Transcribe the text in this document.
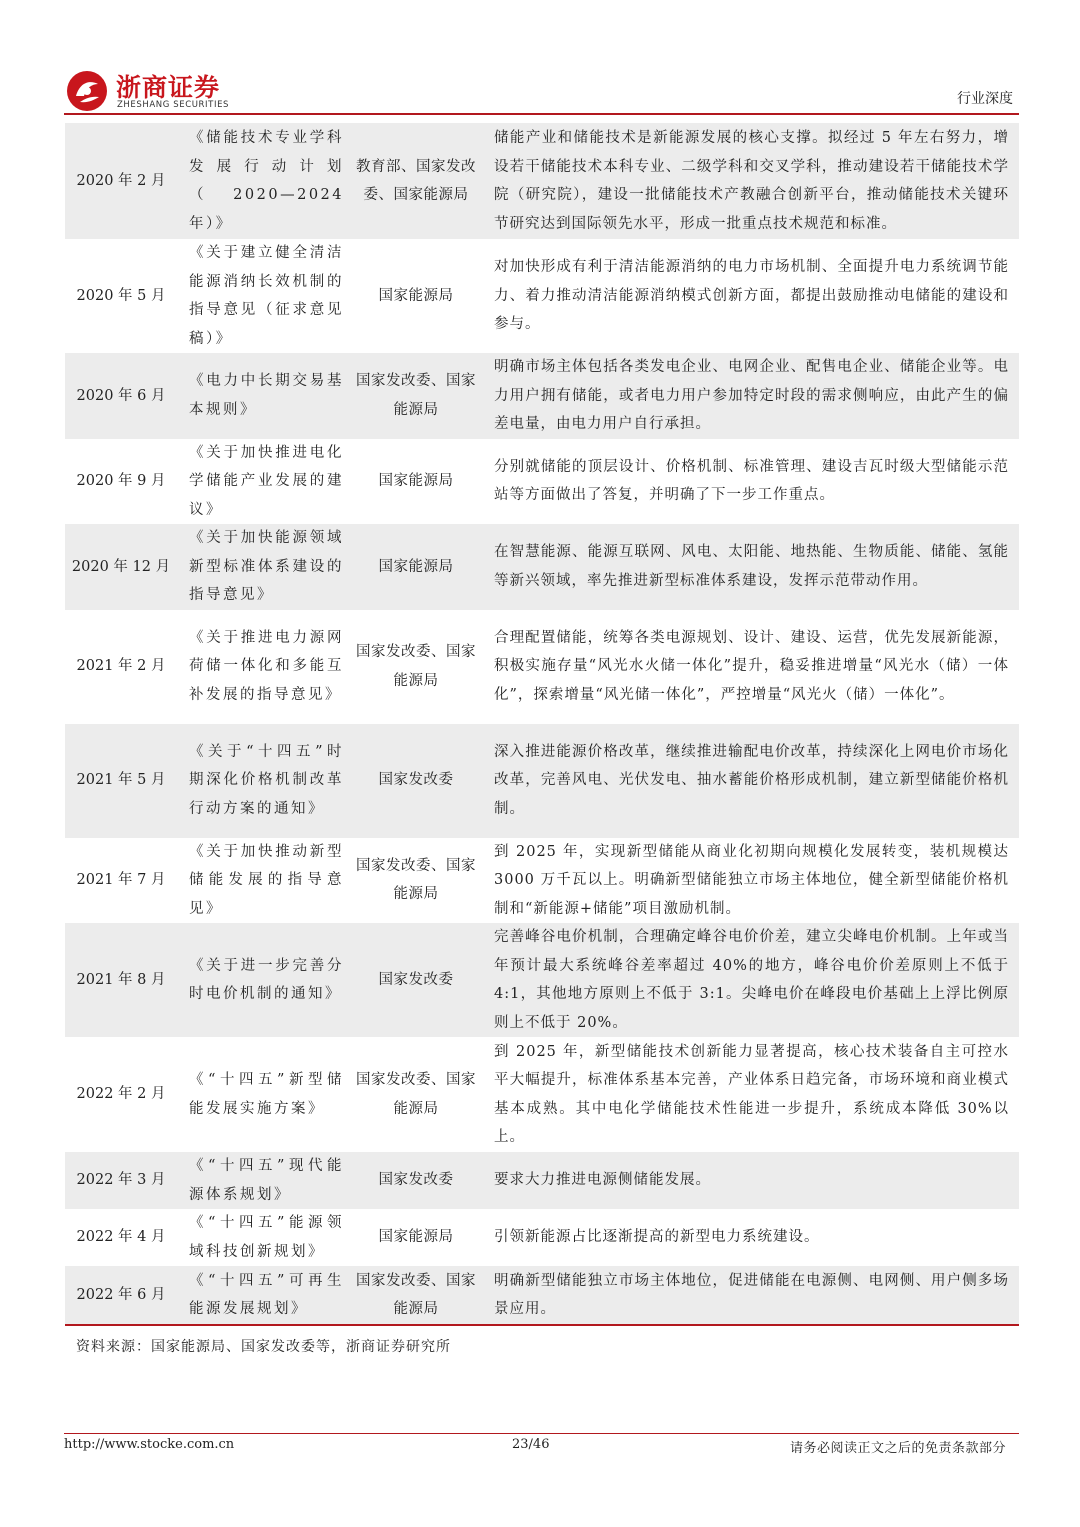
浙商证券
ZHESHANG SECURITIES	行业深度
2020 年 2 月	《储能技术专业学科发展行动计划（2020—2024 年）》	教育部、国家发改委、国家能源局	储能产业和储能技术是新能源发展的核心支撑。拟经过 5 年左右努力，增设若干储能技术本科专业、二级学科和交叉学科，推动建设若干储能技术学院（研究院），建设一批储能技术产教融合创新平台，推动储能技术关键环节研究达到国际领先水平，形成一批重点技术规范和标准。
2020 年 5 月	《关于建立健全清洁能源消纳长效机制的指导意见（征求意见稿）》	国家能源局	对加快形成有利于清洁能源消纳的电力市场机制、全面提升电力系统调节能力、着力推动清洁能源消纳模式创新方面，都提出鼓励推动电储能的建设和参与。
2020 年 6 月	《电力中长期交易基本规则》	国家发改委、国家能源局	明确市场主体包括各类发电企业、电网企业、配售电企业、储能企业等。电力用户拥有储能，或者电力用户参加特定时段的需求侧响应，由此产生的偏差电量，由电力用户自行承担。
2020 年 9 月	《关于加快推进电化学储能产业发展的建议》	国家能源局	分别就储能的顶层设计、价格机制、标准管理、建设吉瓦时级大型储能示范站等方面做出了答复，并明确了下一步工作重点。
2020 年 12 月	《关于加快能源领域新型标准体系建设的指导意见》	国家能源局	在智慧能源、能源互联网、风电、太阳能、地热能、生物质能、储能、氢能等新兴领域，率先推进新型标准体系建设，发挥示范带动作用。
2021 年 2 月	《关于推进电力源网荷储一体化和多能互补发展的指导意见》	国家发改委、国家能源局	合理配置储能，统筹各类电源规划、设计、建设、运营，优先发展新能源，积极实施存量“风光水火储一体化”提升，稳妥推进增量“风光水（储）一体化”，探索增量“风光储一体化”，严控增量“风光火（储）一体化”。
2021 年 5 月	《关于“十四五”时期深化价格机制改革行动方案的通知》	国家发改委	深入推进能源价格改革，继续推进输配电价改革，持续深化上网电价市场化改革，完善风电、光伏发电、抽水蓄能价格形成机制，建立新型储能价格机制。
2021 年 7 月	《关于加快推动新型储能发展的指导意见》	国家发改委、国家能源局	到 2025 年，实现新型储能从商业化初期向规模化发展转变，装机规模达 3000 万千瓦以上。明确新型储能独立市场主体地位，健全新型储能价格机制和“新能源+储能”项目激励机制。
2021 年 8 月	《关于进一步完善分时电价机制的通知》	国家发改委	完善峰谷电价机制，合理确定峰谷电价价差，建立尖峰电价机制。上年或当年预计最大系统峰谷差率超过 40%的地方，峰谷电价价差原则上不低于 4:1，其他地方原则上不低于 3:1。尖峰电价在峰段电价基础上上浮比例原则上不低于 20%。
2022 年 2 月	《“十四五”新型储能发展实施方案》	国家发改委、国家能源局	到 2025 年，新型储能技术创新能力显著提高，核心技术装备自主可控水平大幅提升，标准体系基本完善，产业体系日趋完备，市场环境和商业模式基本成熟。其中电化学储能技术性能进一步提升，系统成本降低 30%以上。
2022 年 3 月	《“十四五”现代能源体系规划》	国家发改委	要求大力推进电源侧储能发展。
2022 年 4 月	《“十四五”能源领域科技创新规划》	国家能源局	引领新能源占比逐渐提高的新型电力系统建设。
2022 年 6 月	《“十四五”可再生能源发展规划》	国家发改委、国家能源局	明确新型储能独立市场主体地位，促进储能在电源侧、电网侧、用户侧多场景应用。
资料来源：国家能源局、国家发改委等，浙商证券研究所
http://www.stocke.com.cn	23/46	请务必阅读正文之后的免责条款部分
